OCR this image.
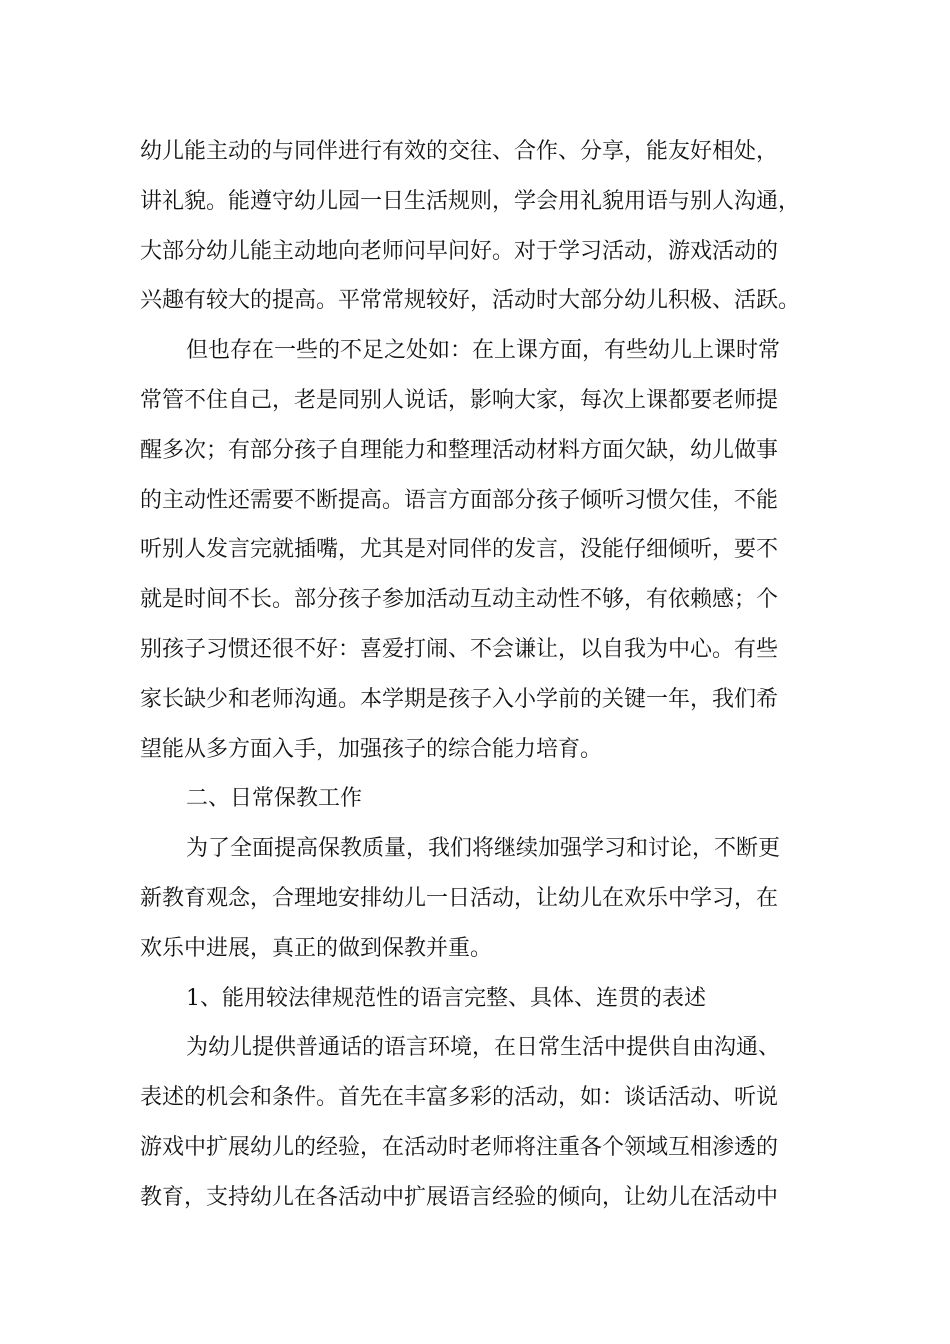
幼儿能主动的与同伴进行有效的交往、合作、分享，能友好相处，
讲礼貌。能遵守幼儿园一日生活规则，学会用礼貌用语与别人沟通，
大部分幼儿能主动地向老师问早问好。对于学习活动，游戏活动的
兴趣有较大的提高。平常常规较好，活动时大部分幼儿积极、活跃。
但也存在一些的不足之处如：在上课方面，有些幼儿上课时常
常管不住自己，老是同别人说话，影响大家，每次上课都要老师提
醒多次；有部分孩子自理能力和整理活动材料方面欠缺，幼儿做事
的主动性还需要不断提高。语言方面部分孩子倾听习惯欠佳，不能
听别人发言完就插嘴，尤其是对同伴的发言，没能仔细倾听，要不
就是时间不长。部分孩子参加活动互动主动性不够，有依赖感；个
别孩子习惯还很不好：喜爱打闹、不会谦让，以自我为中心。有些
家长缺少和老师沟通。本学期是孩子入小学前的关键一年，我们希
望能从多方面入手，加强孩子的综合能力培育。
二、日常保教工作
为了全面提高保教质量，我们将继续加强学习和讨论，不断更
新教育观念，合理地安排幼儿一日活动，让幼儿在欢乐中学习，在
欢乐中进展，真正的做到保教并重。
1、能用较法律规范性的语言完整、具体、连贯的表述
为幼儿提供普通话的语言环境，在日常生活中提供自由沟通、
表述的机会和条件。首先在丰富多彩的活动，如：谈话活动、听说
游戏中扩展幼儿的经验，在活动时老师将注重各个领域互相渗透的
教育，支持幼儿在各活动中扩展语言经验的倾向，让幼儿在活动中
